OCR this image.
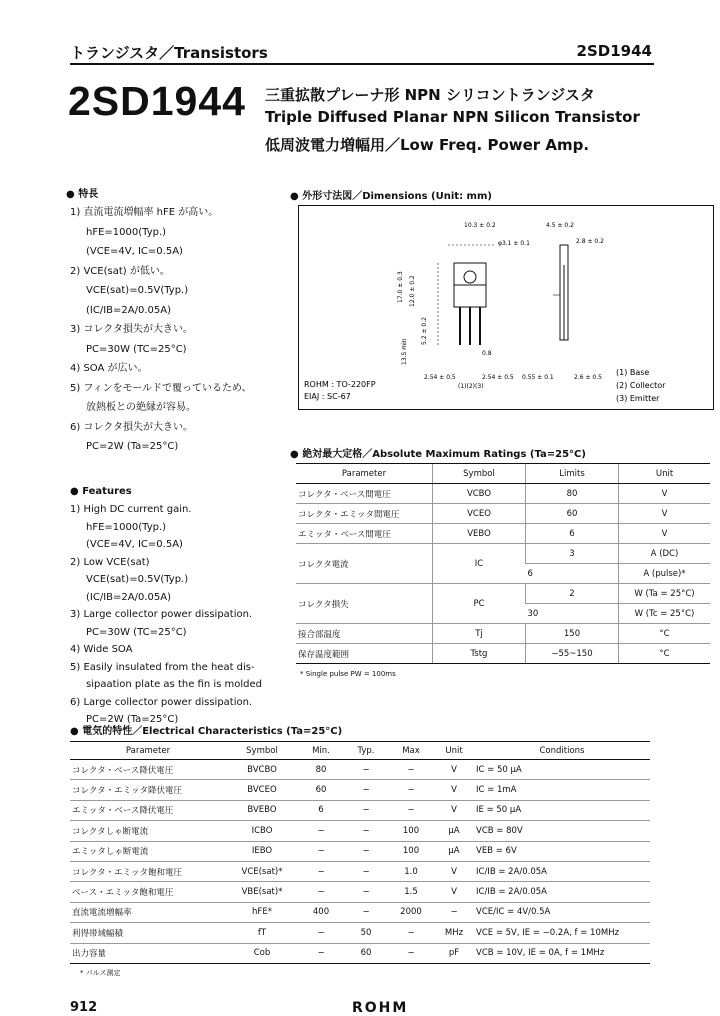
トランジスタ／Transistors	2SD1944
2SD1944 三重拡散プレーナ形 NPN シリコントランジスタ
Triple Diffused Planar NPN Silicon Transistor
低周波電力増幅用／Low Freq. Power Amp.
● 特長
1) 直流電流増幅率 hFE が高い。
hFE=1000(Typ.)
(VCE=4V, IC=0.5A)
2) VCE(sat) が低い。
VCE(sat)=0.5V(Typ.)
(IC/IB=2A/0.05A)
3) コレクタ損失が大きい。
PC=30W (TC=25°C)
4) SOA が広い。
5) フィンをモールドで覆っているため、
放熱板との絶縁が容易。
6) コレクタ損失が大きい。
PC=2W (Ta=25°C)
● Features
1) High DC current gain.
hFE=1000(Typ.)
(VCE=4V, IC=0.5A)
2) Low VCE(sat)
VCE(sat)=0.5V(Typ.)
(IC/IB=2A/0.05A)
3) Large collector power dissipation.
PC=30W (TC=25°C)
4) Wide SOA
5) Easily insulated from the heat dis-
sipaation plate as the fin is molded
6) Large collector power dissipation.
PC=2W (Ta=25°C)
● 外形寸法図／Dimensions (Unit: mm)
10.3 ± 0.2	4.5 ± 0.2
φ3.1 ± 0.1	2.8 ± 0.2
17.0 ± 0.3 12.0 ± 0.2
13.5 min
5.2 ± 0.2
0.8
2.54 ± 0.5	2.54 ± 0.5 0.55 ± 0.1	2.6 ± 0.5
(1)(2)(3)
ROHM : TO-220FP
EIAJ : SC-67
(1) Base
(2) Collector
(3) Emitter
● 絶対最大定格／Absolute Maximum Ratings (Ta=25°C)
Parameter	Symbol	Limits	Unit
コレクタ・ベース間電圧	VCBO	80	V
コレクタ・エミッタ間電圧	VCEO	60	V
エミッタ・ベース間電圧	VEBO	6	V
コレクタ電流	IC	3	A (DC)
		6	A (pulse)*
コレクタ損失	PC	2	W (Ta = 25°C)
		30	W (Tc = 25°C)
接合部温度	Tj	150	°C
保存温度範囲	Tstg	−55~150	°C
* Single pulse PW = 100ms
● 電気的特性／Electrical Characteristics (Ta=25°C)
Parameter	Symbol	Min.	Typ.	Max	Unit	Conditions
コレクタ・ベース降伏電圧	BVCBO	80	−	−	V	IC = 50 μA
コレクタ・エミッタ降伏電圧	BVCEO	60	−	−	V	IC = 1mA
エミッタ・ベース降伏電圧	BVEBO	6	−	−	V	IE = 50 μA
コレクタしゃ断電流	ICBO	−	−	100	μA	VCB = 80V
エミッタしゃ断電流	IEBO	−	−	100	μA	VEB = 6V
コレクタ・エミッタ飽和電圧	VCE(sat)*	−	−	1.0	V	IC/IB = 2A/0.05A
ベース・エミッタ飽和電圧	VBE(sat)*	−	−	1.5	V	IC/IB = 2A/0.05A
直流電流増幅率	hFE*	400	−	2000	−	VCE/IC = 4V/0.5A
利得帯域幅積	fT	−	50	−	MHz	VCE = 5V, IE = −0.2A, f = 10MHz
出力容量	Cob	−	60	−	pF	VCB = 10V, IE = 0A, f = 1MHz
* パルス測定
912	ROHM
